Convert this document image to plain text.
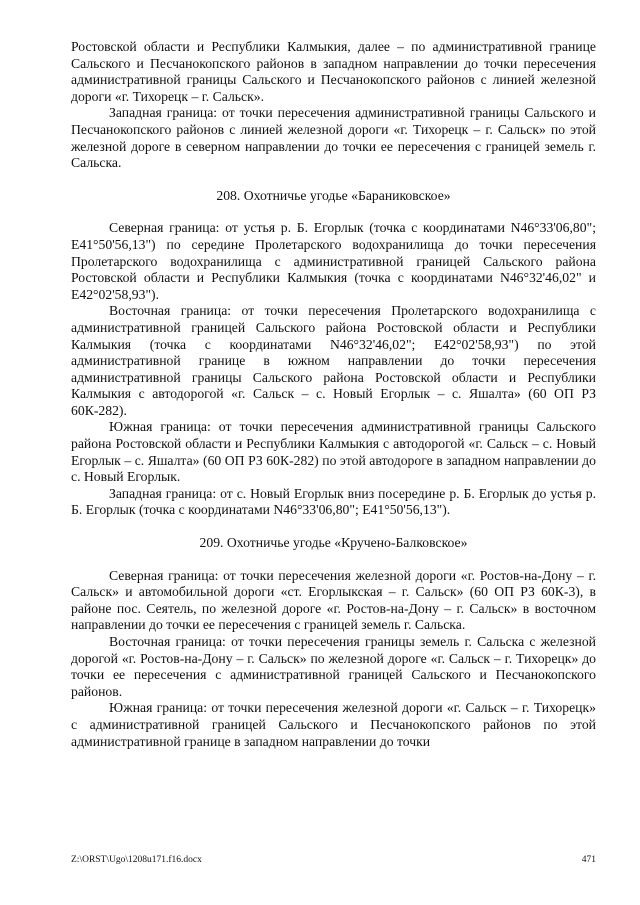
Ростовской области и Республики Калмыкия, далее – по административной границе Сальского и Песчанокопского районов в западном направлении до точки пересечения административной границы Сальского и Песчанокопского районов с линией железной дороги «г. Тихорецк – г. Сальск».

Западная граница: от точки пересечения административной границы Сальского и Песчанокопского районов с линией железной дороги «г. Тихорецк – г. Сальск» по этой железной дороге в северном направлении до точки ее пересечения с границей земель г. Сальска.

208. Охотничье угодье «Бараниковское»

Северная граница: от устья р. Б. Егорлык (точка с координатами N46°33'06,80"; E41°50'56,13") по середине Пролетарского водохранилища до точки пересечения Пролетарского водохранилища с административной границей Сальского района Ростовской области и Республики Калмыкия (точка с координатами N46°32'46,02" и E42°02'58,93").

Восточная граница: от точки пересечения Пролетарского водохранилища с административной границей Сальского района Ростовской области и Республики Калмыкия (точка с координатами N46°32'46,02"; E42°02'58,93") по этой административной границе в южном направлении до точки пересечения административной границы Сальского района Ростовской области и Республики Калмыкия с автодорогой «г. Сальск – с. Новый Егорлык – с. Яшалта» (60 ОП РЗ 60К-282).

Южная граница: от точки пересечения административной границы Сальского района Ростовской области и Республики Калмыкия с автодорогой «г. Сальск – с. Новый Егорлык – с. Яшалта» (60 ОП РЗ 60К-282) по этой автодороге в западном направлении до с. Новый Егорлык.

Западная граница: от с. Новый Егорлык вниз посередине р. Б. Егорлык до устья р. Б. Егорлык (точка с координатами N46°33'06,80"; E41°50'56,13").

209. Охотничье угодье «Кручено-Балковское»

Северная граница: от точки пересечения железной дороги «г. Ростов-на-Дону – г. Сальск» и автомобильной дороги «ст. Егорлыкская – г. Сальск» (60 ОП РЗ 60К-3), в районе пос. Сеятель, по железной дороге «г. Ростов-на-Дону – г. Сальск» в восточном направлении до точки ее пересечения с границей земель г. Сальска.

Восточная граница: от точки пересечения границы земель г. Сальска с железной дорогой «г. Ростов-на-Дону – г. Сальск» по железной дороге «г. Сальск – г. Тихорецк» до точки ее пересечения с административной границей Сальского и Песчанокопского районов.

Южная граница: от точки пересечения железной дороги «г. Сальск – г. Тихорецк» с административной границей Сальского и Песчанокопского районов по этой административной границе в западном направлении до точки

Z:\ORST\Ugo\1208u171.f16.docx	471
